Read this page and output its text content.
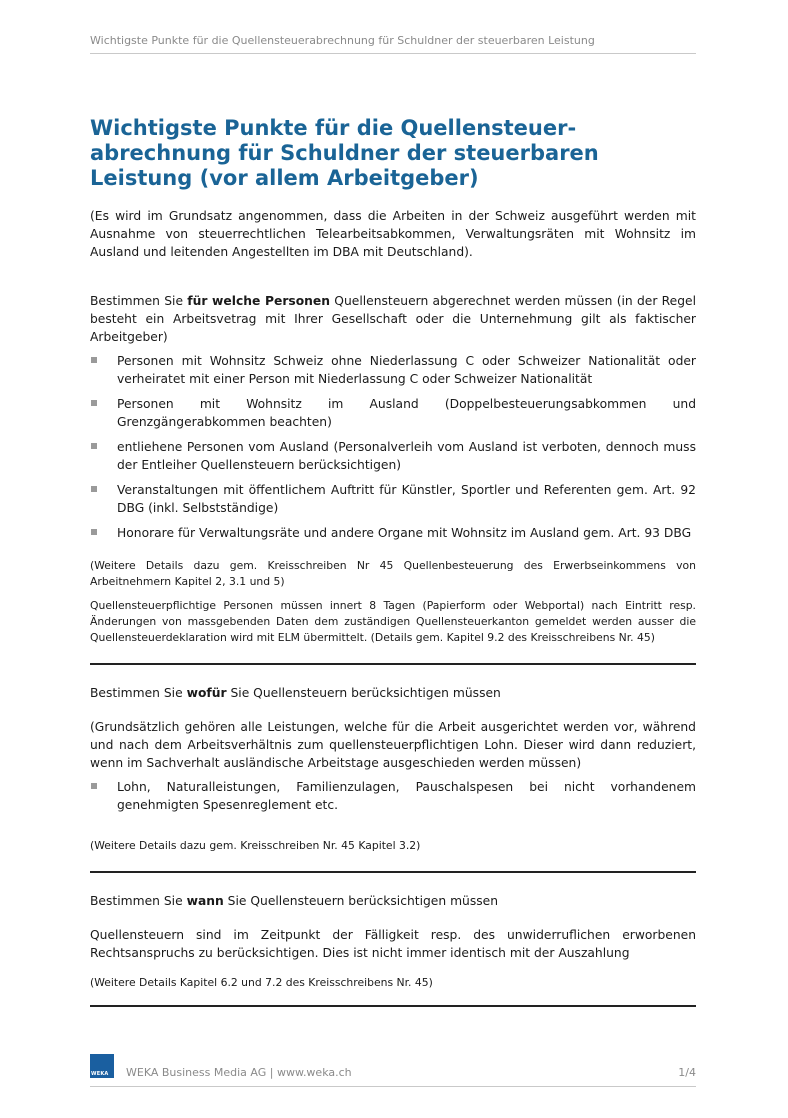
Wichtigste Punkte für die Quellensteuerabrechnung für Schuldner der steuerbaren Leistung
Wichtigste Punkte für die Quellensteuer-
abrechnung für Schuldner der steuerbaren
Leistung (vor allem Arbeitgeber)
(Es wird im Grundsatz angenommen, dass die Arbeiten in der Schweiz ausgeführt werden mit Ausnahme von steuerrechtlichen Telearbeitsabkommen, Verwaltungsräten mit Wohnsitz im Ausland und leitenden Angestellten im DBA mit Deutschland).
Bestimmen Sie für welche Personen Quellensteuern abgerechnet werden müssen (in der Regel besteht ein Arbeitsvetrag mit Ihrer Gesellschaft oder die Unternehmung gilt als faktischer Arbeitgeber)
Personen mit Wohnsitz Schweiz ohne Niederlassung C oder Schweizer Nationalität oder verheiratet mit einer Person mit Niederlassung C oder Schweizer Nationalität
Personen mit Wohnsitz im Ausland (Doppelbesteuerungsabkommen und Grenzgängerabkommen beachten)
entliehene Personen vom Ausland (Personalverleih vom Ausland ist verboten, dennoch muss der Entleiher Quellensteuern berücksichtigen)
Veranstaltungen mit öffentlichem Auftritt für Künstler, Sportler und Referenten gem. Art. 92 DBG (inkl. Selbstständige)
Honorare für Verwaltungsräte und andere Organe mit Wohnsitz im Ausland gem. Art. 93 DBG
(Weitere Details dazu gem. Kreisschreiben Nr 45 Quellenbesteuerung des Erwerbseinkommens von Arbeitnehmern Kapitel 2, 3.1 und 5)
Quellensteuerpflichtige Personen müssen innert 8 Tagen (Papierform oder Webportal) nach Eintritt resp. Änderungen von massgebenden Daten dem zuständigen Quellensteuerkanton gemeldet werden ausser die Quellensteuerdeklaration wird mit ELM übermittelt. (Details gem. Kapitel 9.2 des Kreisschreibens Nr. 45)
Bestimmen Sie wofür Sie Quellensteuern berücksichtigen müssen
(Grundsätzlich gehören alle Leistungen, welche für die Arbeit ausgerichtet werden vor, während und nach dem Arbeitsverhältnis zum quellensteuerpflichtigen Lohn. Dieser wird dann reduziert, wenn im Sachverhalt ausländische Arbeitstage ausgeschieden werden müssen)
Lohn, Naturalleistungen, Familienzulagen, Pauschalspesen bei nicht vorhandenem genehmigten Spesenreglement etc.
(Weitere Details dazu gem. Kreisschreiben Nr. 45 Kapitel 3.2)
Bestimmen Sie wann Sie Quellensteuern berücksichtigen müssen
Quellensteuern sind im Zeitpunkt der Fälligkeit resp. des unwiderruflichen erworbenen Rechtsanspruchs zu berücksichtigen. Dies ist nicht immer identisch mit der Auszahlung
(Weitere Details Kapitel 6.2 und 7.2 des Kreisschreibens Nr. 45)
WEKA WEKA Business Media AG | www.weka.ch	1/4
